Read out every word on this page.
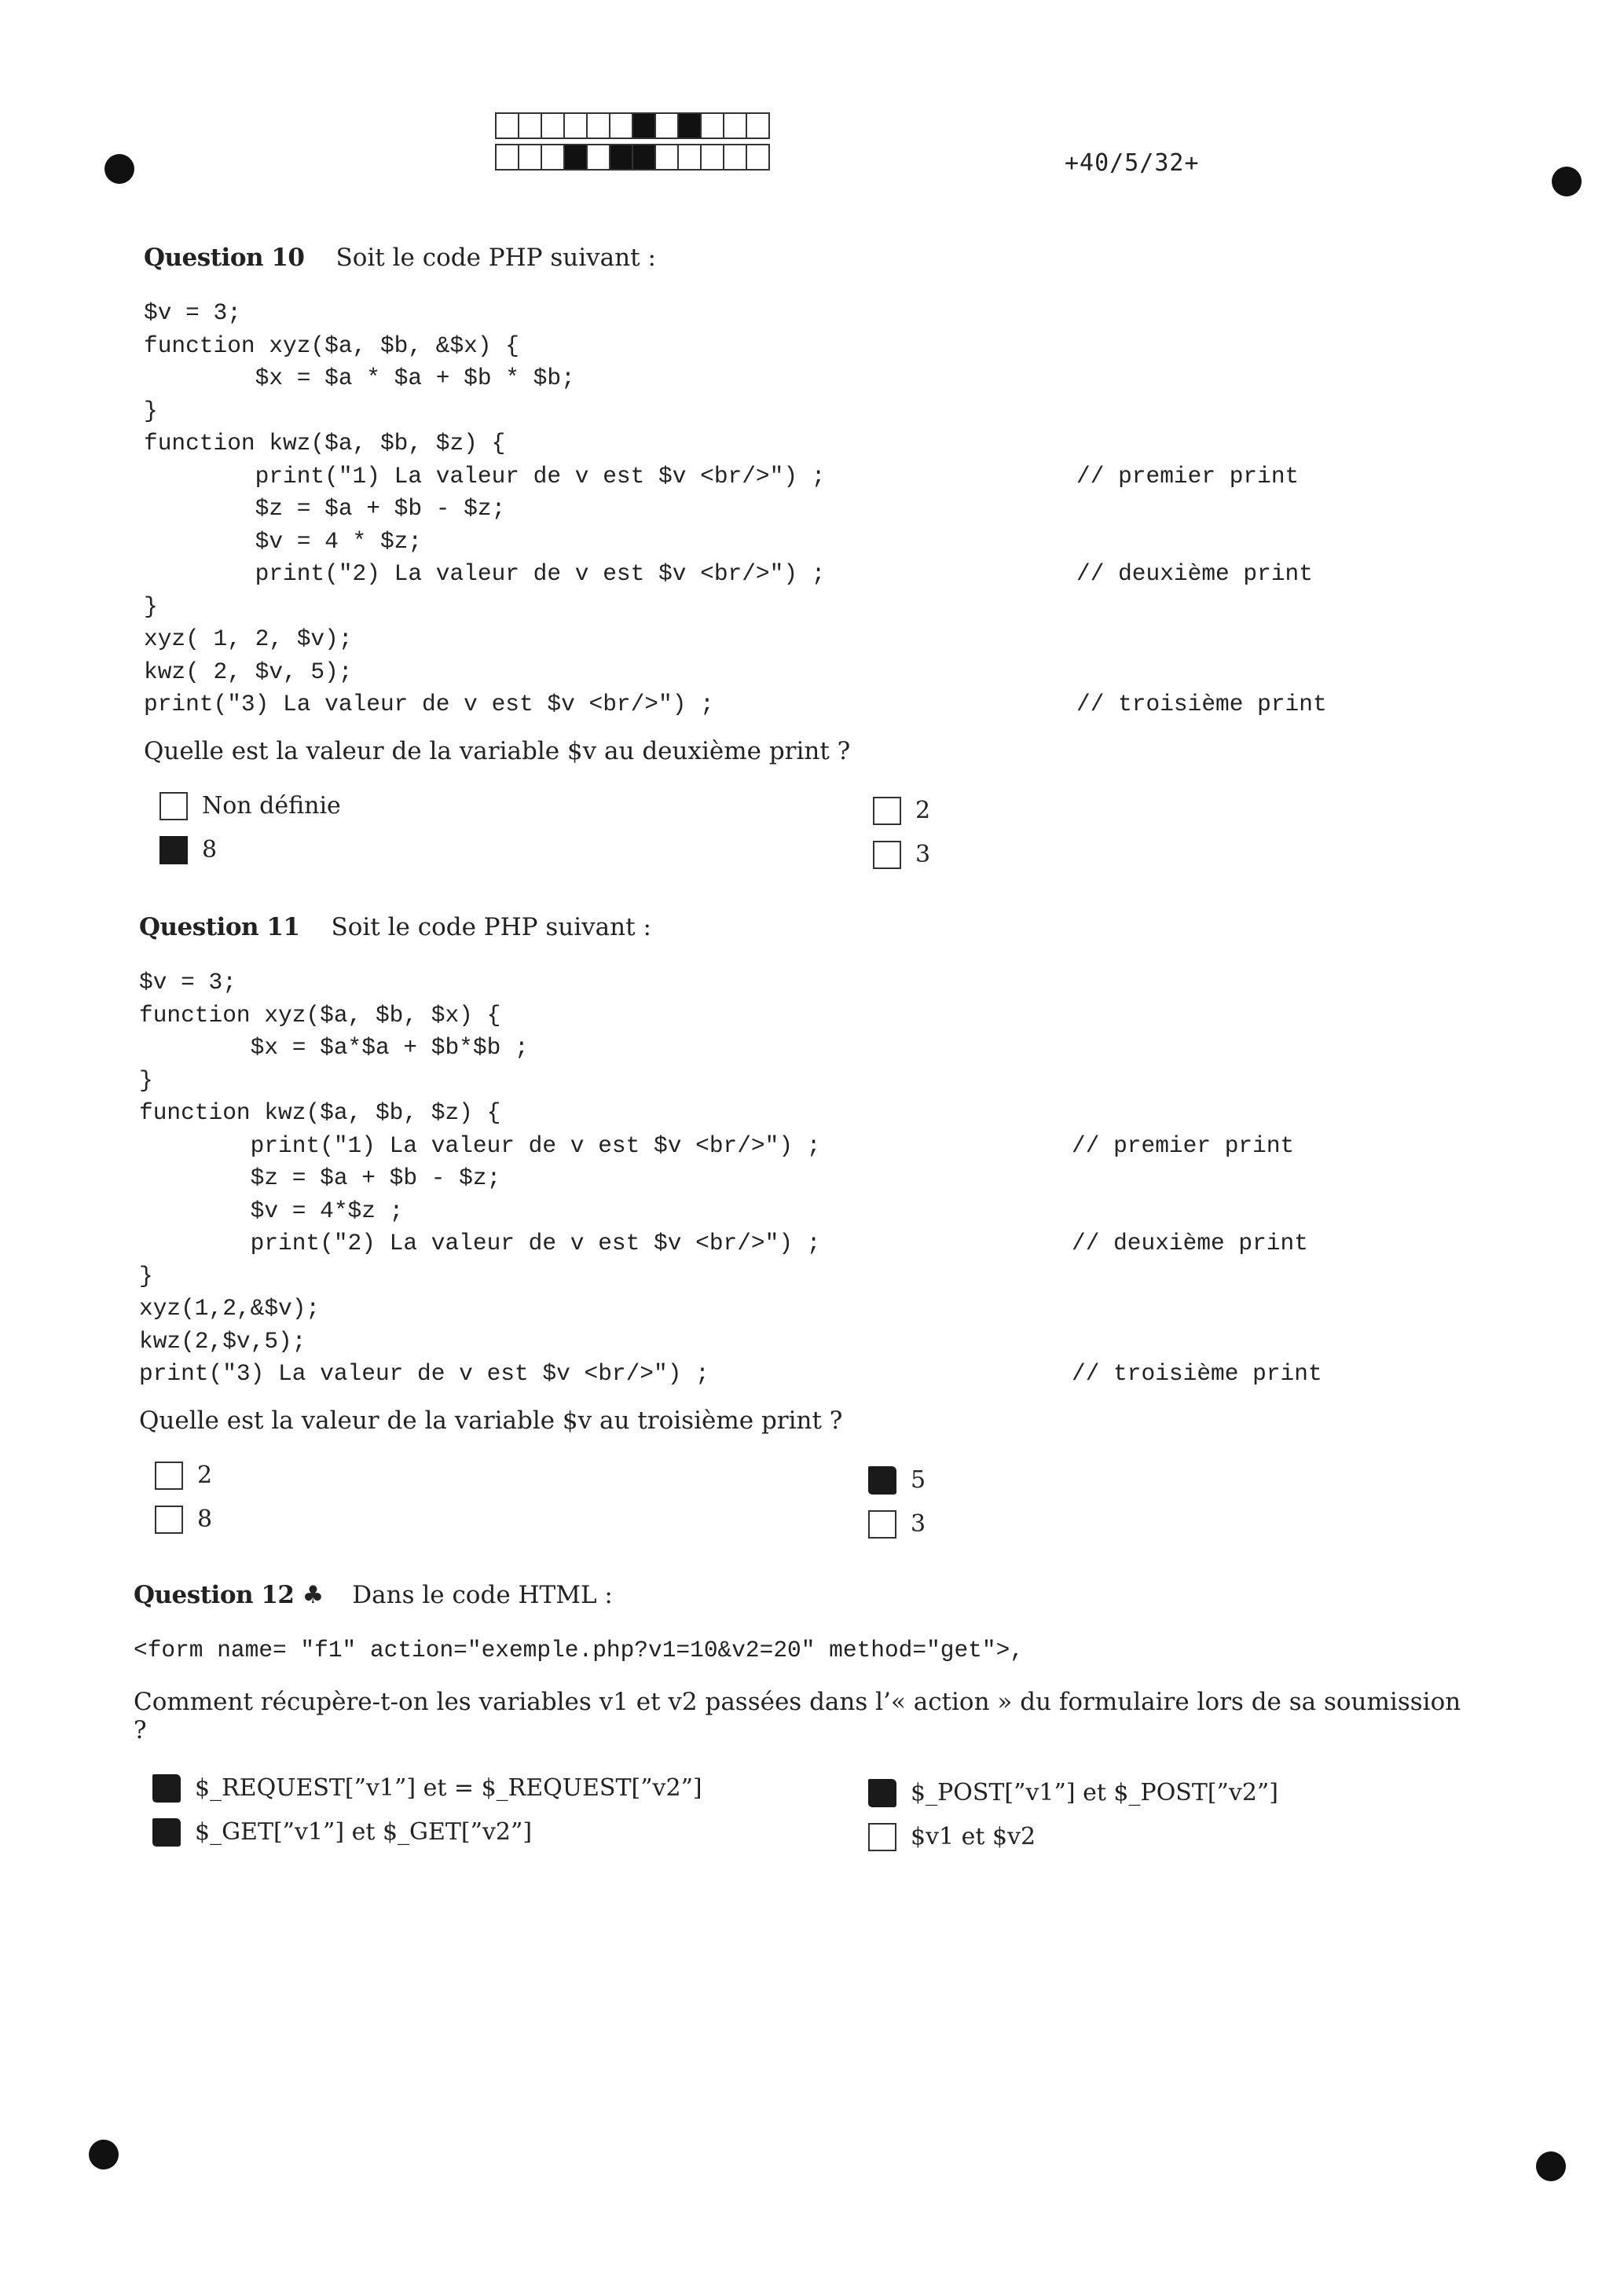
+40/5/32+
Question 10 Soit le code PHP suivant :
$v = 3;
function xyz($a, $b, &$x) {
$x = $a * $a + $b * $b;
}
function kwz($a, $b, $z) {
print("1) La valeur de v est $v <br/>") ;	// premier print
$z = $a + $b - $z;
$v = 4 * $z;
print("2) La valeur de v est $v <br/>") ;	// deuxième print
}
xyz( 1, 2, $v);
kwz( 2, $v, 5);
print("3) La valeur de v est $v <br/>") ;	// troisième print
Quelle est la valeur de la variable $v au deuxième print ?
Non définie
8
2
3
Question 11 Soit le code PHP suivant :
$v = 3;
function xyz($a, $b, $x) {
$x = $a*$a + $b*$b ;
}
function kwz($a, $b, $z) {
print("1) La valeur de v est $v <br/>") ;	// premier print
$z = $a + $b - $z;
$v = 4*$z ;
print("2) La valeur de v est $v <br/>") ;	// deuxième print
}
xyz(1,2,&$v);
kwz(2,$v,5);
print("3) La valeur de v est $v <br/>") ;	// troisième print
Quelle est la valeur de la variable $v au troisième print ?
2
8
5
3
Question 12 ♣ Dans le code HTML :
<form name= "f1" action="exemple.php?v1=10&v2=20" method="get">,
Comment récupère-t-on les variables v1 et v2 passées dans l’« action » du formulaire lors de sa soumission ?
$_REQUEST[”v1”] et = $_REQUEST[”v2”]
$_GET[”v1”] et $_GET[”v2”]
$_POST[”v1”] et $_POST[”v2”]
$v1 et $v2
